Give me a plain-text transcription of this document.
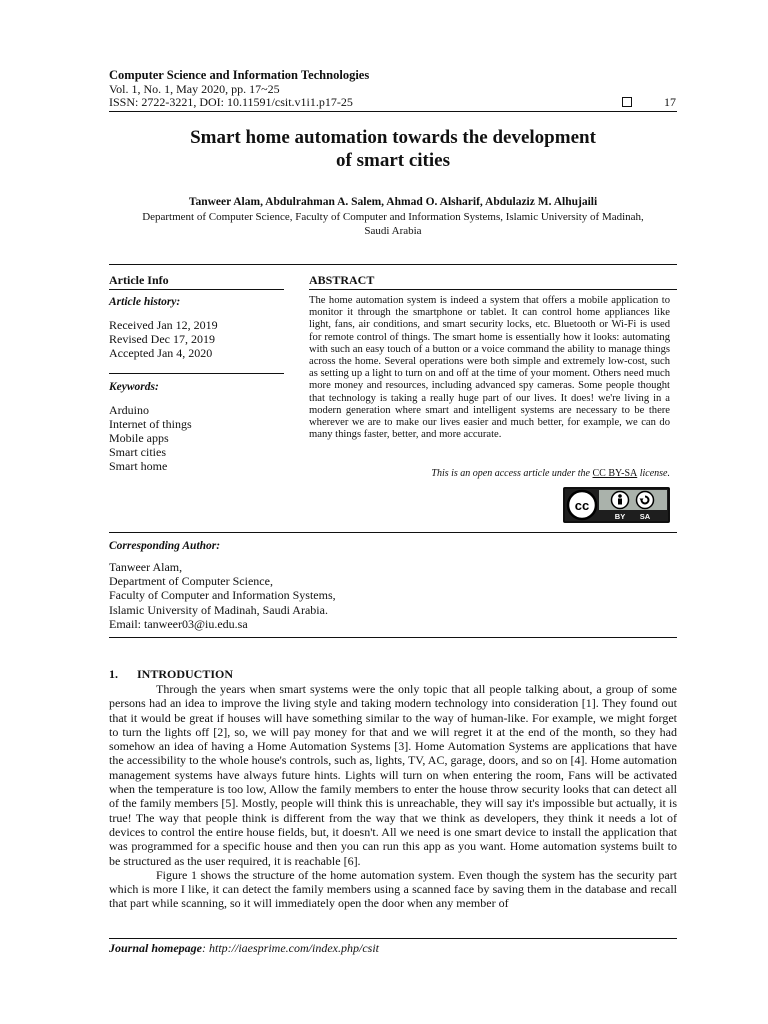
Computer Science and Information Technologies
Vol. 1, No. 1, May 2020, pp. 17~25
ISSN: 2722-3221, DOI: 10.11591/csit.v1i1.p17-25	17
Smart home automation towards the development
of smart cities
Tanweer Alam, Abdulrahman A. Salem, Ahmad O. Alsharif, Abdulaziz M. Alhujaili
Department of Computer Science, Faculty of Computer and Information Systems, Islamic University of Madinah,
Saudi Arabia
Article Info
Article history:
Received Jan 12, 2019
Revised Dec 17, 2019
Accepted Jan 4, 2020
Keywords:
Arduino
Internet of things
Mobile apps
Smart cities
Smart home
ABSTRACT
The home automation system is indeed a system that offers a mobile application to monitor it through the smartphone or tablet. It can control home appliances like light, fans, air conditions, and smart security locks, etc. Bluetooth or Wi-Fi is used for remote control of things. The smart home is essentially how it looks: automating with such an easy touch of a button or a voice command the ability to manage things across the home. Several operations were both simple and extremely low-cost, such as setting up a light to turn on and off at the time of your moment. Others need much more money and resources, including advanced spy cameras. Some people thought that technology is taking a really huge part of our lives. It does! we're living in a modern generation where smart and intelligent systems are necessary to be there wherever we are to make our lives easier and much better, for example, we can do many things faster, better, and more accurate.
This is an open access article under the CC BY-SA license.
cc
BY SA
Corresponding Author:
Tanweer Alam,
Department of Computer Science,
Faculty of Computer and Information Systems,
Islamic University of Madinah, Saudi Arabia.
Email: tanweer03@iu.edu.sa
1. INTRODUCTION

Through the years when smart systems were the only topic that all people talking about, a group of some persons had an idea to improve the living style and taking modern technology into consideration [1]. They found out that it would be great if houses will have something similar to the way of human-like. For example, we might forget to turn the lights off [2], so, we will pay money for that and we will regret it at the end of the month, so they had somehow an idea of having a Home Automation Systems [3]. Home Automation Systems are applications that have the accessibility to the whole house's controls, such as, lights, TV, AC, garage, doors, and so on [4]. Home automation management systems have always future hints. Lights will turn on when entering the room, Fans will be activated when the temperature is too low, Allow the family members to enter the house throw security looks that can detect all of the family members [5]. Mostly, people will think this is unreachable, they will say it's impossible but actually, it is true! The way that people think is different from the way that we think as developers, they think it needs a lot of devices to control the entire house fields, but, it doesn't. All we need is one smart device to install the application that was programmed for a specific house and then you can run this app as you want. Home automation systems built to be structured as the user required, it is reachable [6].

Figure 1 shows the structure of the home automation system. Even though the system has the security part which is more I like, it can detect the family members using a scanned face by saving them in the database and recall that part while scanning, so it will immediately open the door when any member of

Journal homepage: http://iaesprime.com/index.php/csit
